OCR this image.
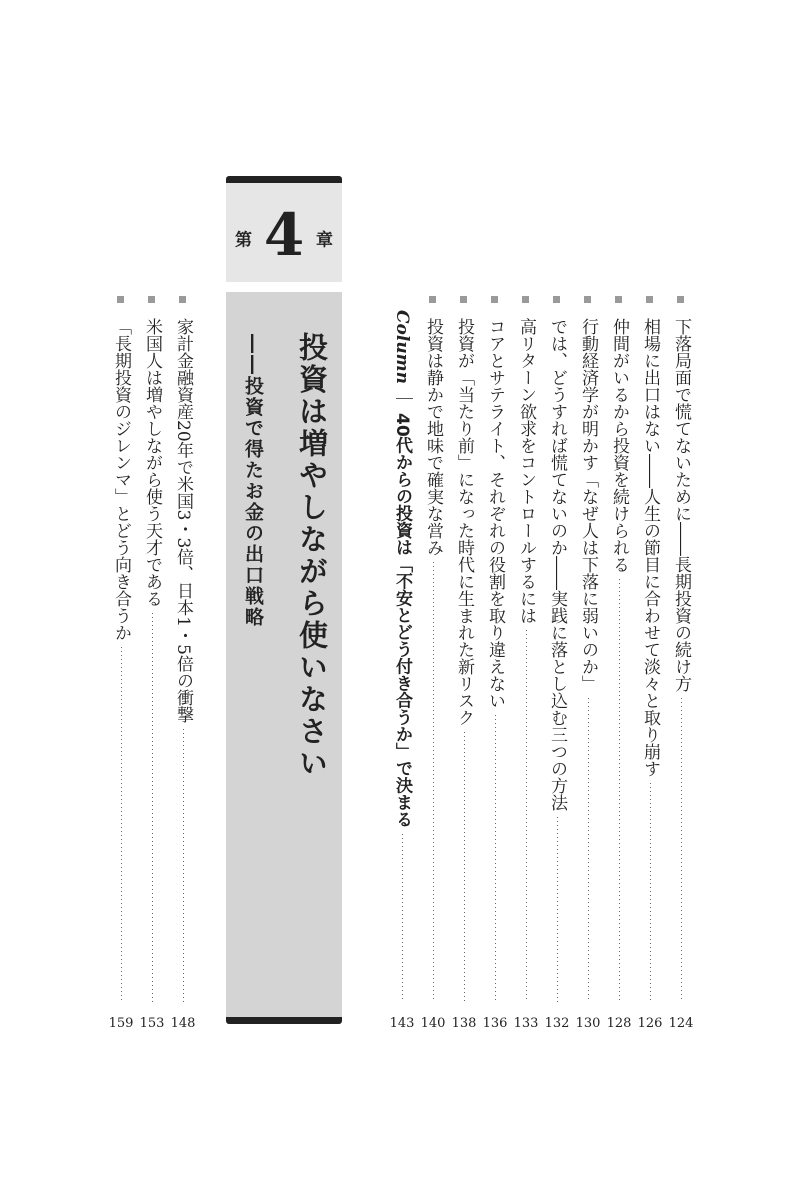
第 4 章
投資は増やしながら使いなさい
――投資で得たお金の出口戦略	下落局面で慌てないために――長期投資の続け方
124
相場に出口はない――人生の節目に合わせて淡々と取り崩す
126
仲間がいるから投資を続けられる
128
行動経済学が明かす「なぜ人は下落に弱いのか」
130
では、どうすれば慌てないのか――実践に落とし込む三つの方法
132
高リターン欲求をコントロールするには
133
コアとサテライト、それぞれの役割を取り違えない
136
投資が「当たり前」になった時代に生まれた新リスク
138
投資は静かで地味で確実な営み
140
Column
｜
40代からの投資は「不安とどう付き合うか」で決まる
143
家計金融資産20年で米国3・3倍、日本1・5倍の衝撃
148
米国人は増やしながら使う天才である
153
「長期投資のジレンマ」とどう向き合うか
159
